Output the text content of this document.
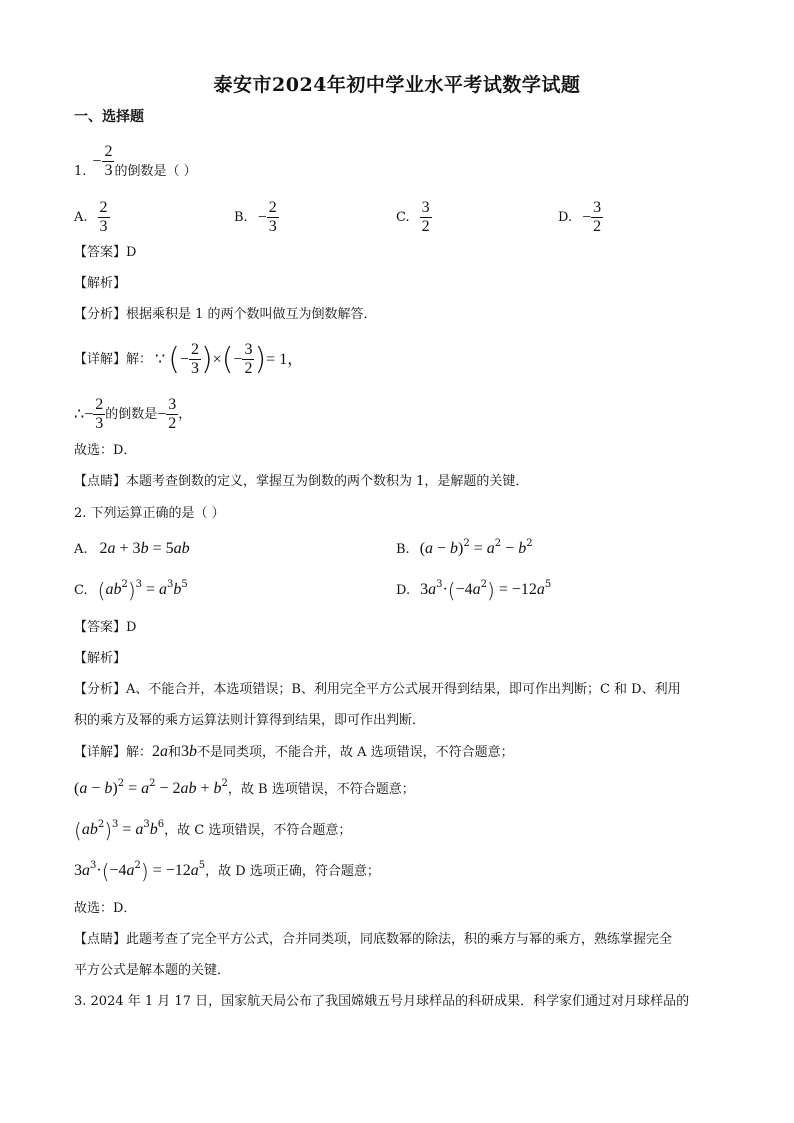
泰安市2024年初中学业水平考试数学试题
一、选择题
1.
− $\frac{2}{3}$ 的倒数是（ ）
A. $\frac{2}{3}$	B. − $\frac{2}{3}$	C. $\frac{3}{2}$	D. − $\frac{3}{2}$
【答案】D
【解析】
【分析】根据乘积是 1 的两个数叫做互为倒数解答．
【详解】解： ∵ ( − $\frac{2}{3}$ ) × ( − $\frac{3}{2}$ ) = 1，
∴ − $\frac{2}{3}$ 的倒数是 − $\frac{3}{2}$ ，
故选：D．
【点睛】本题考查倒数的定义，掌握互为倒数的两个数积为 1，是解题的关键．
2. 下列运算正确的是（ ）
A. 2a + 3b = 5ab	B. $(a - b)^2 = a^2 - b^2$
C. $(ab^2)^3 = a^3b^5$	D. $3a^3\cdot(-4a^2) = -12a^5$
【答案】D
【解析】
【分析】A、不能合并，本选项错误；B、利用完全平方公式展开得到结果，即可作出判断；C 和 D、利用
积的乘方及幂的乘方运算法则计算得到结果，即可作出判断．
【详解】解：2a和3b不是同类项，不能合并，故 A 选项错误，不符合题意；
$(a - b)^2 = a^2 - 2ab + b^2$，故 B 选项错误，不符合题意；
$(ab^2)^3 = a^3b^6$，故 C 选项错误，不符合题意；
$3a^3\cdot(-4a^2) = -12a^5$，故 D 选项正确，符合题意；
故选：D．
【点睛】此题考查了完全平方公式，合并同类项，同底数幂的除法，积的乘方与幂的乘方，熟练掌握完全
平方公式是解本题的关键．
3. 2024 年 1 月 17 日，国家航天局公布了我国嫦娥五号月球样品的科研成果．科学家们通过对月球样品的
